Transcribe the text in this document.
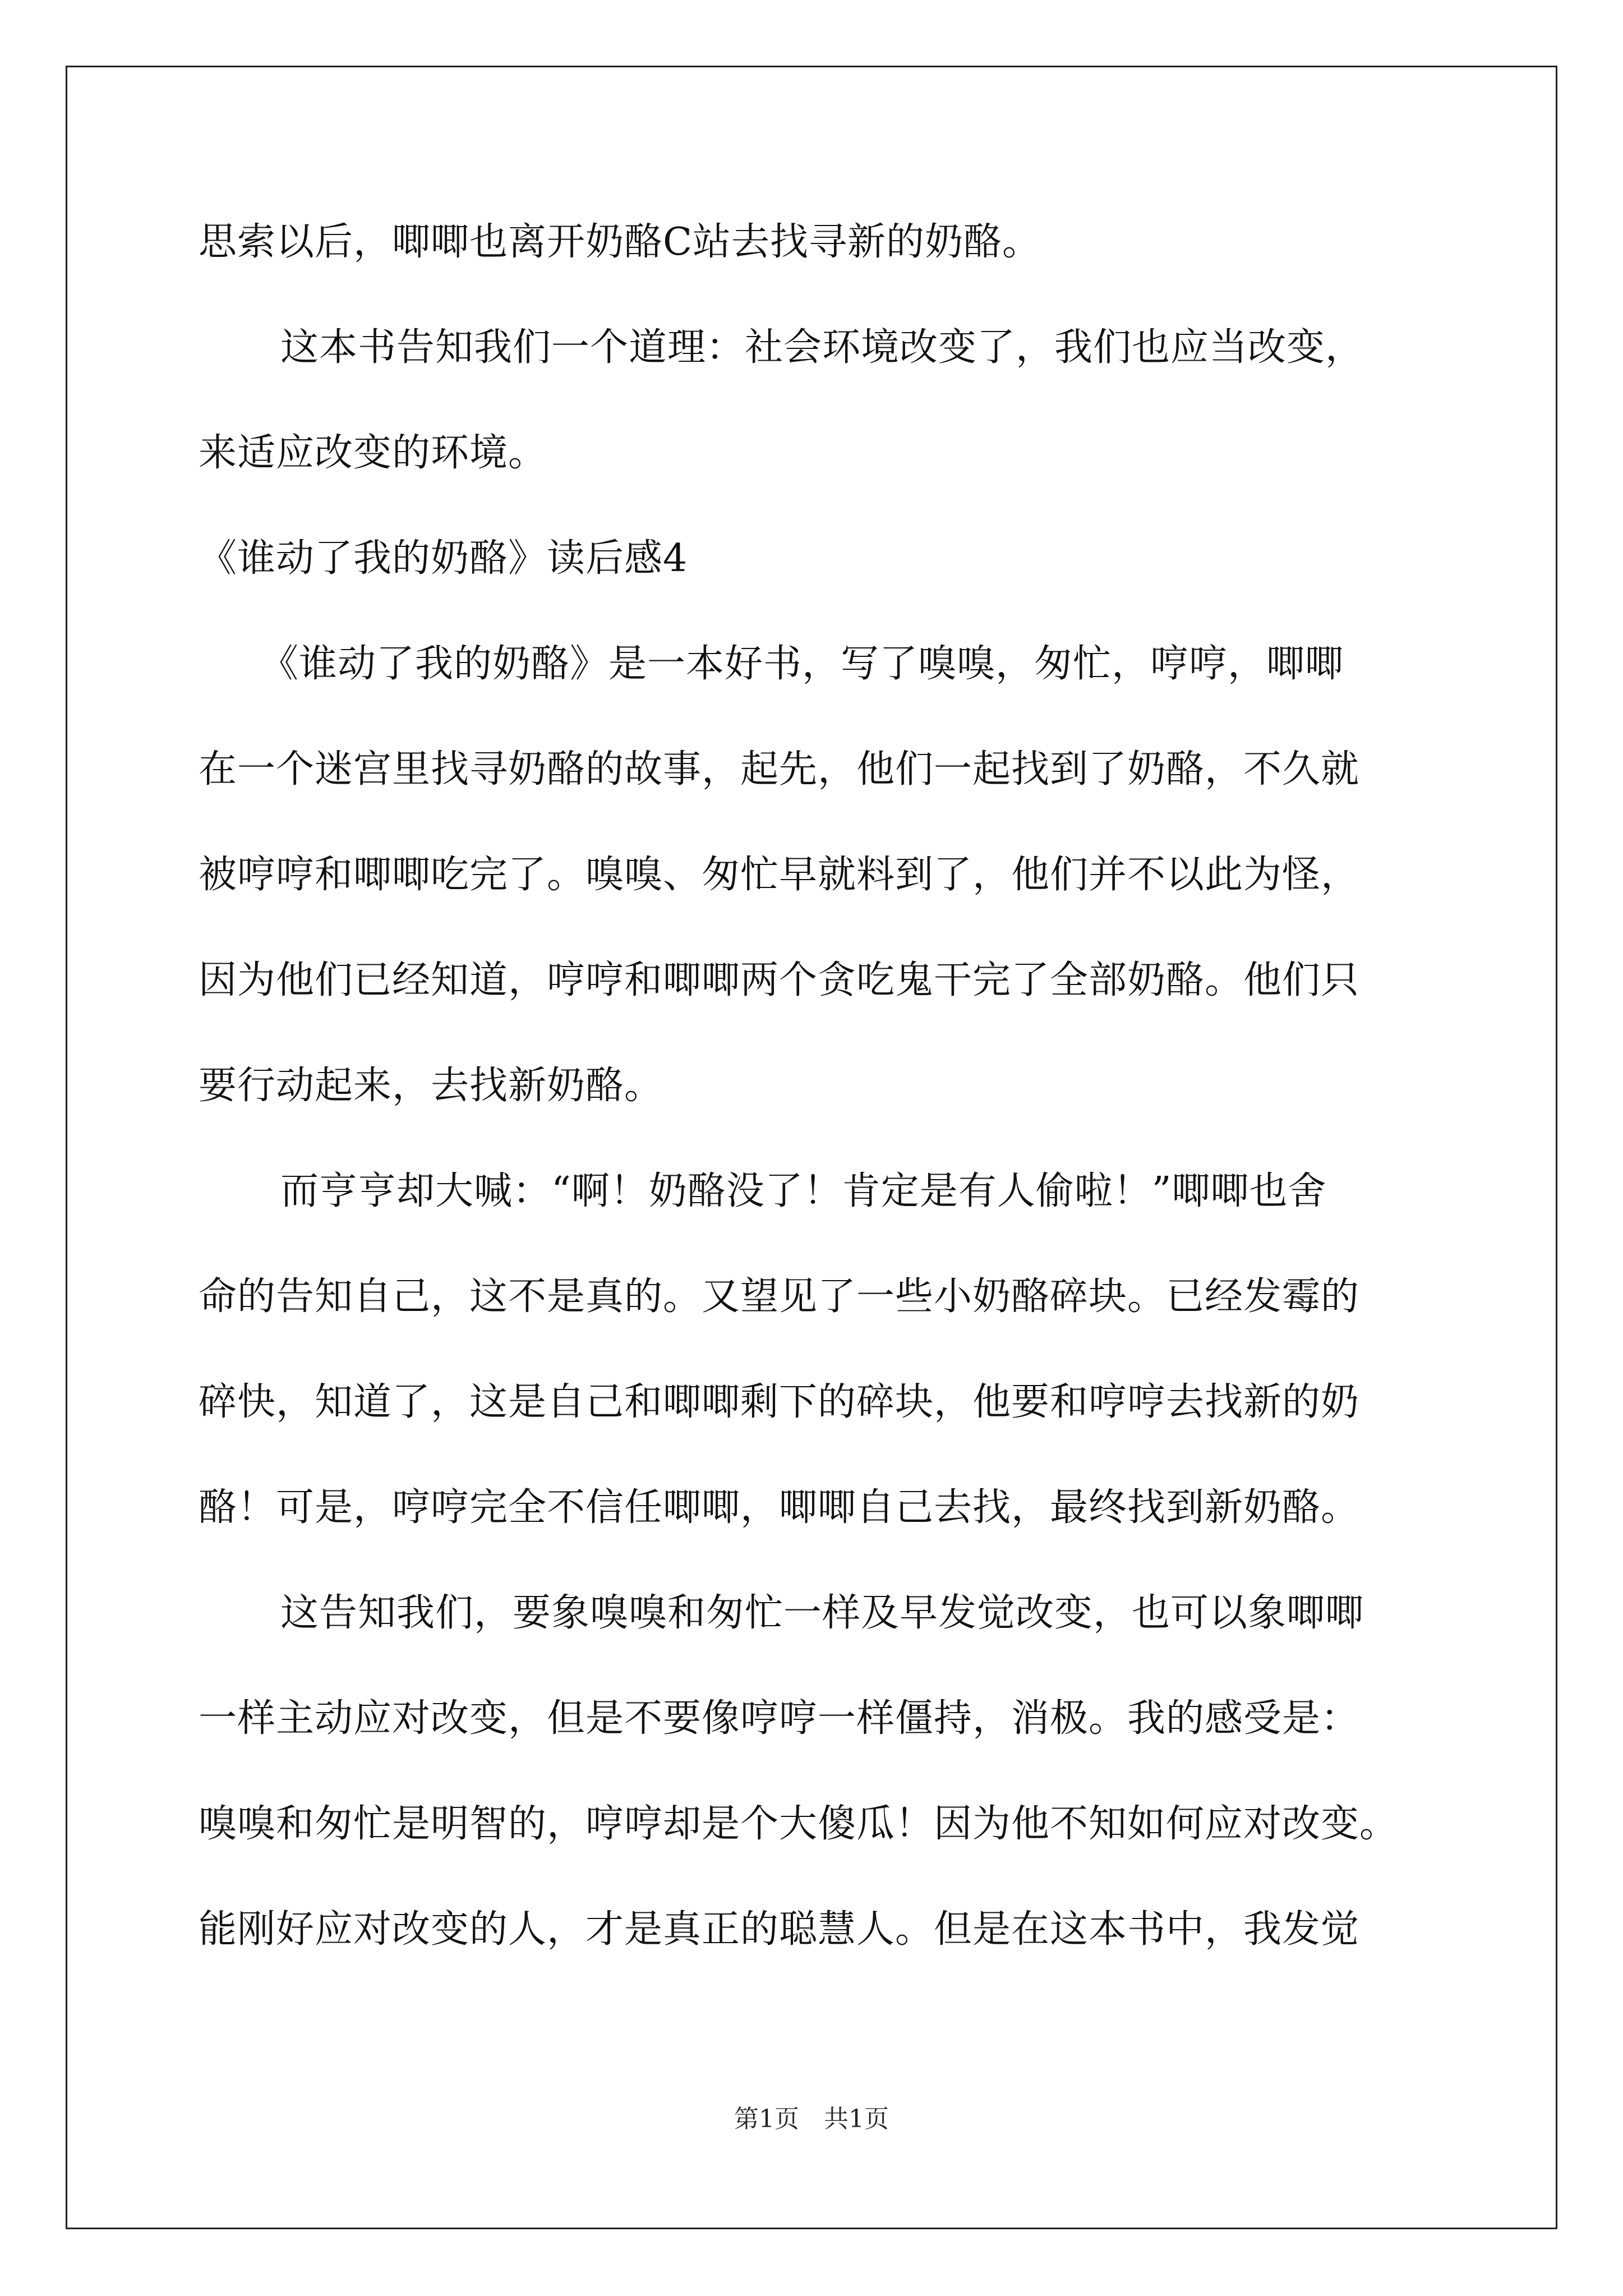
思索以后，唧唧也离开奶酪C站去找寻新的奶酪。
这本书告知我们一个道理：社会环境改变了，我们也应当改变，
来适应改变的环境。
《谁动了我的奶酪》读后感4
《谁动了我的奶酪》是一本好书，写了嗅嗅，匆忙，哼哼，唧唧
在一个迷宫里找寻奶酪的故事，起先，他们一起找到了奶酪，不久就
被哼哼和唧唧吃完了。嗅嗅、匆忙早就料到了，他们并不以此为怪，
因为他们已经知道，哼哼和唧唧两个贪吃鬼干完了全部奶酪。他们只
要行动起来，去找新奶酪。
而亨亨却大喊：“啊！奶酪没了！肯定是有人偷啦！”唧唧也舍
命的告知自己，这不是真的。又望见了一些小奶酪碎块。已经发霉的
碎快，知道了，这是自己和唧唧剩下的碎块，他要和哼哼去找新的奶
酪！可是，哼哼完全不信任唧唧，唧唧自己去找，最终找到新奶酪。
这告知我们，要象嗅嗅和匆忙一样及早发觉改变，也可以象唧唧
一样主动应对改变，但是不要像哼哼一样僵持，消极。我的感受是：
嗅嗅和匆忙是明智的，哼哼却是个大傻瓜！因为他不知如何应对改变。
能刚好应对改变的人，才是真正的聪慧人。但是在这本书中，我发觉
第1页　共1页
